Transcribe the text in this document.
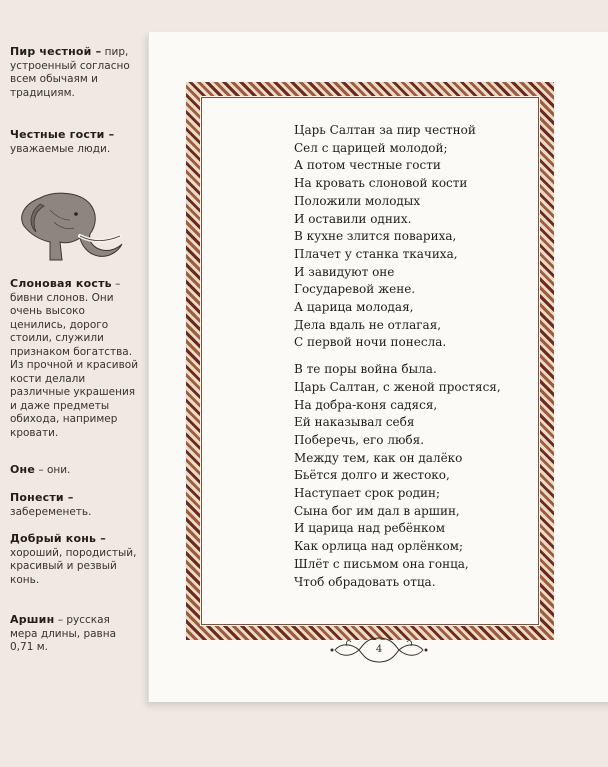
Пир честной – пир, устроенный согласно всем обычаям и традициям.
Честные гости – уважаемые люди.
Слоновая кость – бивни слонов. Они очень высоко ценились, дорого стоили, служили признаком богатства. Из прочной и красивой кости делали различные украшения и даже предметы обихода, например кровати.
Оне – они.
Понести – забеременеть.
Добрый конь – хороший, породистый, красивый и резвый конь.
Аршин – русская мера длины, равна 0,71 м.
Царь Салтан за пир честной
Сел с царицей молодой;
А потом честные гости
На кровать слоновой кости
Положили молодых
И оставили одних.
В кухне злится повариха,
Плачет у станка ткачиха,
И завидуют оне
Государевой жене.
А царица молодая,
Дела вдаль не отлагая,
С первой ночи понесла.
В те поры война была.
Царь Салтан, с женой простяся,
На добра-коня садяся,
Ей наказывал себя
Поберечь, его любя.
Между тем, как он далёко
Бьётся долго и жестоко,
Наступает срок родин;
Сына бог им дал в аршин,
И царица над ребёнком
Как орлица над орлёнком;
Шлёт с письмом она гонца,
Чтоб обрадовать отца.
4
